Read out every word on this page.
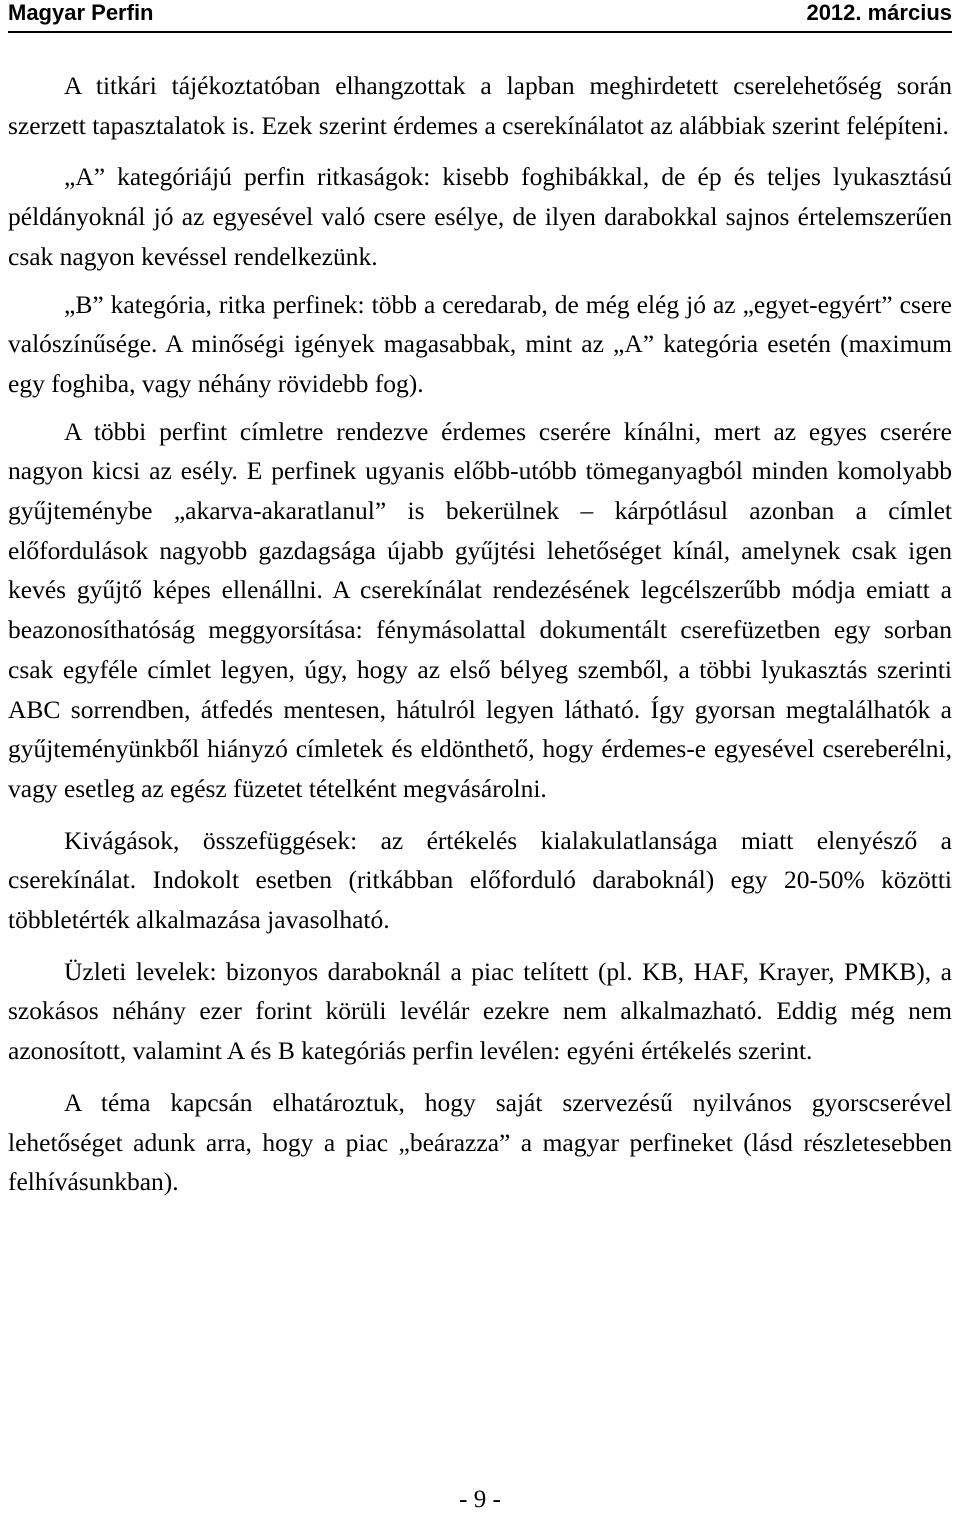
Magyar Perfin	2012. március

A titkári tájékoztatóban elhangzottak a lapban meghirdetett cserelehetőség során szerzett tapasztalatok is. Ezek szerint érdemes a cserekínálatot az alábbiak szerint felépíteni.

„A” kategóriájú perfin ritkaságok: kisebb foghibákkal, de ép és teljes lyukasztású példányoknál jó az egyesével való csere esélye, de ilyen darabokkal sajnos értelemszerűen csak nagyon kevéssel rendelkezünk.

„B” kategória, ritka perfinek: több a ceredarab, de még elég jó az „egyet-egyért” csere valószínűsége. A minőségi igények magasabbak, mint az „A” kategória esetén (maximum egy foghiba, vagy néhány rövidebb fog).

A többi perfint címletre rendezve érdemes cserére kínálni, mert az egyes cserére nagyon kicsi az esély. E perfinek ugyanis előbb-utóbb tömeganyagból minden komolyabb gyűjteménybe „akarva-akaratlanul” is bekerülnek – kárpótlásul azonban a címlet előfordulások nagyobb gazdagsága újabb gyűjtési lehetőséget kínál, amelynek csak igen kevés gyűjtő képes ellenállni. A cserekínálat rendezésének legcélszerűbb módja emiatt a beazonosíthatóság meggyorsítása: fénymásolattal dokumentált cserefüzetben egy sorban csak egyféle címlet legyen, úgy, hogy az első bélyeg szemből, a többi lyukasztás szerinti ABC sorrendben, átfedés mentesen, hátulról legyen látható. Így gyorsan megtalálhatók a gyűjteményünkből hiányzó címletek és eldönthető, hogy érdemes-e egyesével csereberélni, vagy esetleg az egész füzetet tételként megvásárolni.

Kivágások, összefüggések: az értékelés kialakulatlansága miatt elenyésző a cserekínálat. Indokolt esetben (ritkábban előforduló daraboknál) egy 20-50% közötti többletérték alkalmazása javasolható.

Üzleti levelek: bizonyos daraboknál a piac telített (pl. KB, HAF, Krayer, PMKB), a szokásos néhány ezer forint körüli levélár ezekre nem alkalmazható. Eddig még nem azonosított, valamint A és B kategóriás perfin levélen: egyéni értékelés szerint.

A téma kapcsán elhatároztuk, hogy saját szervezésű nyilvános gyorscserével lehetőséget adunk arra, hogy a piac „beárazza” a magyar perfineket (lásd részletesebben felhívásunkban).

- 9 -
